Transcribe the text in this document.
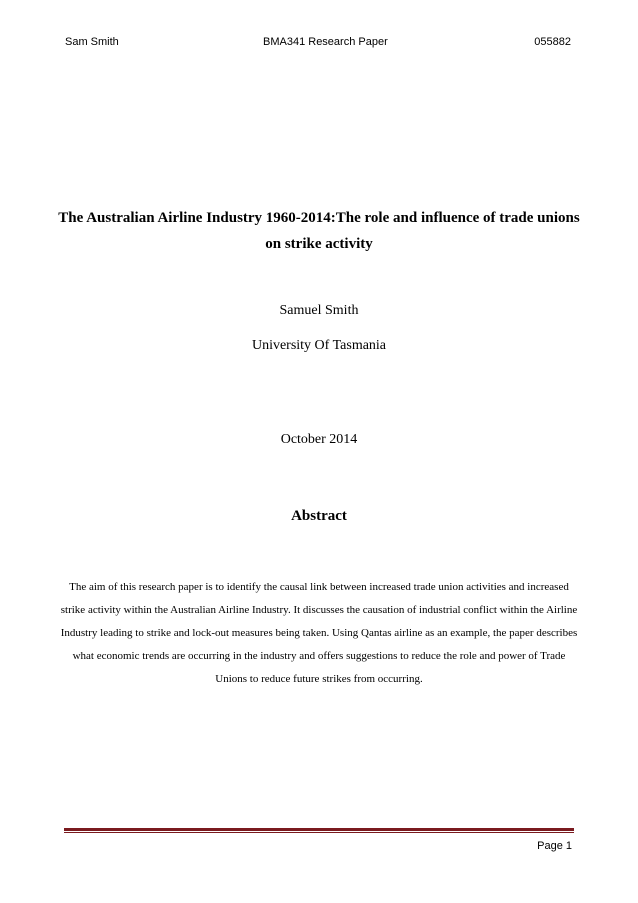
Sam Smith	BMA341 Research Paper	055882
The Australian Airline Industry 1960-2014:The role and influence of trade unions on strike activity
Samuel Smith
University Of Tasmania
October 2014
Abstract
The aim of this research paper is to identify the causal link between increased trade union activities and increased strike activity within the Australian Airline Industry. It discusses the causation of industrial conflict within the Airline Industry leading to strike and lock-out measures being taken. Using Qantas airline as an example, the paper describes what economic trends are occurring in the industry and offers suggestions to reduce the role and power of Trade Unions to reduce future strikes from occurring.
Page 1
